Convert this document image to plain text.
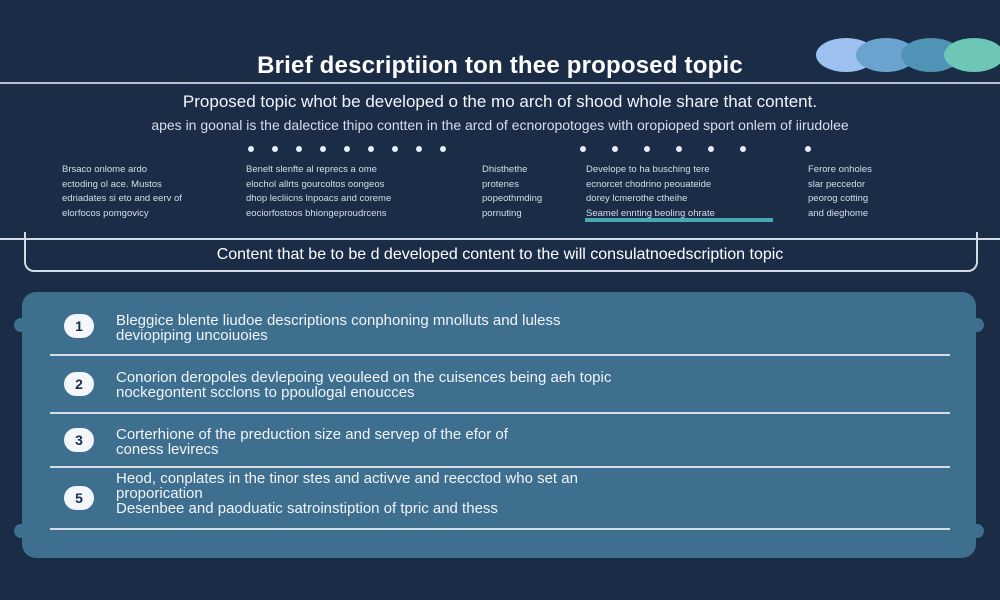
Brief descriptiion ton thee proposed topic
Proposed topic whot be developed o the mo arch of shood whole share that content.
apes in goonal is the dalectice thipo contten in the arcd of ecnoropotoges with oropioped sport onlem of iirudolee
Brsaco onlome ardo
ectoding ol ace. Mustos
edriadates si eto and eerv of
elorfocos pomgovicy
Benelt slenfte al reprecs a ome
elochol allrts gourcoltos oongeos
dhop lecliicns lnpoacs and coreme
eociorfostoos bhiongeproudrcens
Dhisthethe
protenes
popeothmding
pornuting
Develope to ha busching tere
ecnorcet chodrino peouateide
dorey lcmerothe ctheihe
Seamel ennting beoling ohrate
Ferore onholes
slar peccedor
peorog cotting
and dieghome
Content that be to be d developed content to the will consulatnoedscription topic
1	Bleggice blente liudoe descriptions conphoning mnolluts and luless
deviopiping uncoiuoies
2	Conorion deropoles devlepoing veouleed on the cuisences being aeh topic
nockegontent scclons to ppoulogal enoucces
3	Corterhione of the preduction size and servep of the efor of
coness levirecs
5
Heod, conplates in the tinor stes and activve and reecctod who set an
proporication
Desenbee and paoduatic satroinstiption of tpric and thess
